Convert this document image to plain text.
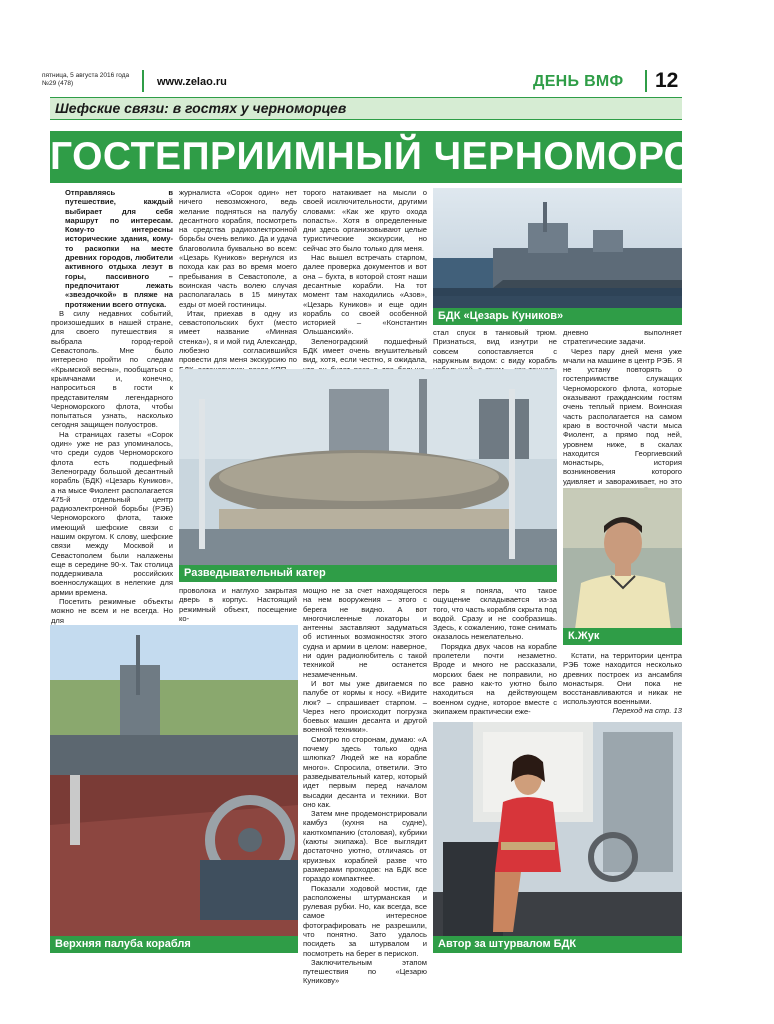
пятница, 5 августа 2016 года
№29 (478)	www.zelao.ru	ДЕНЬ ВМФ 12
Шефские связи: в гостях у черноморцев
ГОСТЕПРИИМНЫЙ ЧЕРНОМОРСКИЙ

Отправляясь в путешествие, каждый выбирает для себя маршрут по интересам. Кому-то интересны исторические здания, кому-то раскопки на месте древних городов, любители активного отдыха лезут в горы, пассивного – предпочитают лежать «звездочкой» в пляже на протяжении всего отпуска.

В силу недавних событий, произошедших в нашей стране, для своего путешествия я выбрала город-герой Севастополь. Мне было интересно пройти по следам «Крымской весны», пообщаться с крымчанами и, конечно, напроситься в гости к представителям легендарного Черноморского флота, чтобы попытаться узнать, насколько сегодня защищен полуостров.

На страницах газеты «Сорок один» уже не раз упоминалось, что среди судов Черноморского флота есть подшефный Зеленограду большой десантный корабль (БДК) «Цезарь Куников», а на мысе Фиолент располагается 475-й отдельный центр радиоэлектронной борьбы (РЭБ) Черноморского флота, также имеющий шефские связи с нашим округом. К слову, шефские связи между Москвой и Севастополем были налажены еще в середине 90-х. Так столица поддерживала российских военнослужащих в нелегкие для армии времена.

Посетить режимные объекты можно не всем и не всегда. Но для

журналиста «Сорок один» нет ничего невозможного, ведь желание подняться на палубу десантного корабля, посмотреть на средства радиоэлектронной борьбы очень велико. Да и удача благоволила буквально во всем: «Цезарь Куников» вернулся из похода как раз во время моего пребывания в Севастополе, а воинская часть волею случая располагалась в 15 минутах езды от моей гостиницы.

Итак, приехав в одну из севастопольских бухт (место имеет название «Минная стенка»), я и мой гид Александр, любезно согласившийся провести для меня экскурсию по

торого натакивает на мысли о своей исключительности, другими словами: «Как же круто охода попасть». Хотя в определенные дни здесь организовывают целые туристические экскурсии, но сейчас это было только для меня.

Нас вышел встречать старпом, далее проверка документов и вот она – бухта, в которой стоят наши десантные корабли. На тот момент там находились «Азов», «Цезарь Куников» и еще один корабль со своей особенной историей – «Константин Ольшанский».

Зеленоградский подшефный БДК имеет очень внушительный вид, хотя, если честно, я ожидала,

БДК «Цезарь Куников»

стал спуск в танковый трюм. Признаться, вид изнутри не совсем сопоставляется с наружным видом: с виду корабль

дневно выполняет стратегические задачи.

Через пару дней меня уже мчали на машине в центр РЭБ. Я не устану повторять о гостеприимстве служащих Черноморского флота, которые оказывают гражданским гостям очень теплый прием. Воинская часть располагается на самом краю в восточной части мыса Фиолент, а прямо под ней, уровнем ниже, в скалах находится Георгиевский монастырь, история возникновения которого удивляет и завораживает, но это

Разведывательный катер
К.Жук
Верхняя палуба корабля

проволока и наглухо закрытая дверь в корпус. Настоящий режимный объект, посещение ко-

мощно не за счет находящегося на нем вооружения – этого с берега не видно. А вот многочисленные локаторы и антенны заставляют задуматься об истинных возможностях этого судна и армии в целом: наверное, ни один радиолюбитель с такой техникой не останется незамеченным.

И вот мы уже двигаемся по палубе от кормы к носу. «Видите люк? – спрашивает старпом. – Через него происходит погрузка боевых машин десанта и другой военной техники».

Смотрю по сторонам, думаю: «А почему здесь только одна шлюпка? Людей же на корабле много». Спросила, ответили. Это разведывательный катер, который идет первым перед началом высадки десанта и техники. Вот оно как.

Затем мне продемонстрировали камбуз (кухня на судне), каюткомпанию (столовая), кубрики (каюты экипажа). Все выглядит достаточно уютно, отличаясь от круизных кораблей разве что размерами проходов: на БДК все гораздо компактнее.

Показали ходовой мостик, где расположены штурманская и рулевая рубки. Но, как всегда, все самое интересное фотографировать не разрешили, что понятно. Зато удалось посидеть за штурвалом и посмотреть на берег в перископ.

Заключительным этапом путешествия по «Цезарю Куникову»

перь я поняла, что такое ощущение складывается из-за того, что часть корабля скрыта под водой. Сразу и не сообразишь. Здесь, к сожалению, тоже снимать оказалось нежелательно.

Порядка двух часов на корабле пролетели почти незаметно. Вроде и много не рассказали, морских баек не поправили, но все равно как-то уютно было находиться на действующем военном судне, которое вместе с экипажем практически еже-

Кстати, на территории центра РЭБ тоже находится несколько древних построек из ансамбля монастыря. Они пока не восстанавливаются и никак не используются военными.

Переход на стр. 13
Автор за штурвалом БДК
